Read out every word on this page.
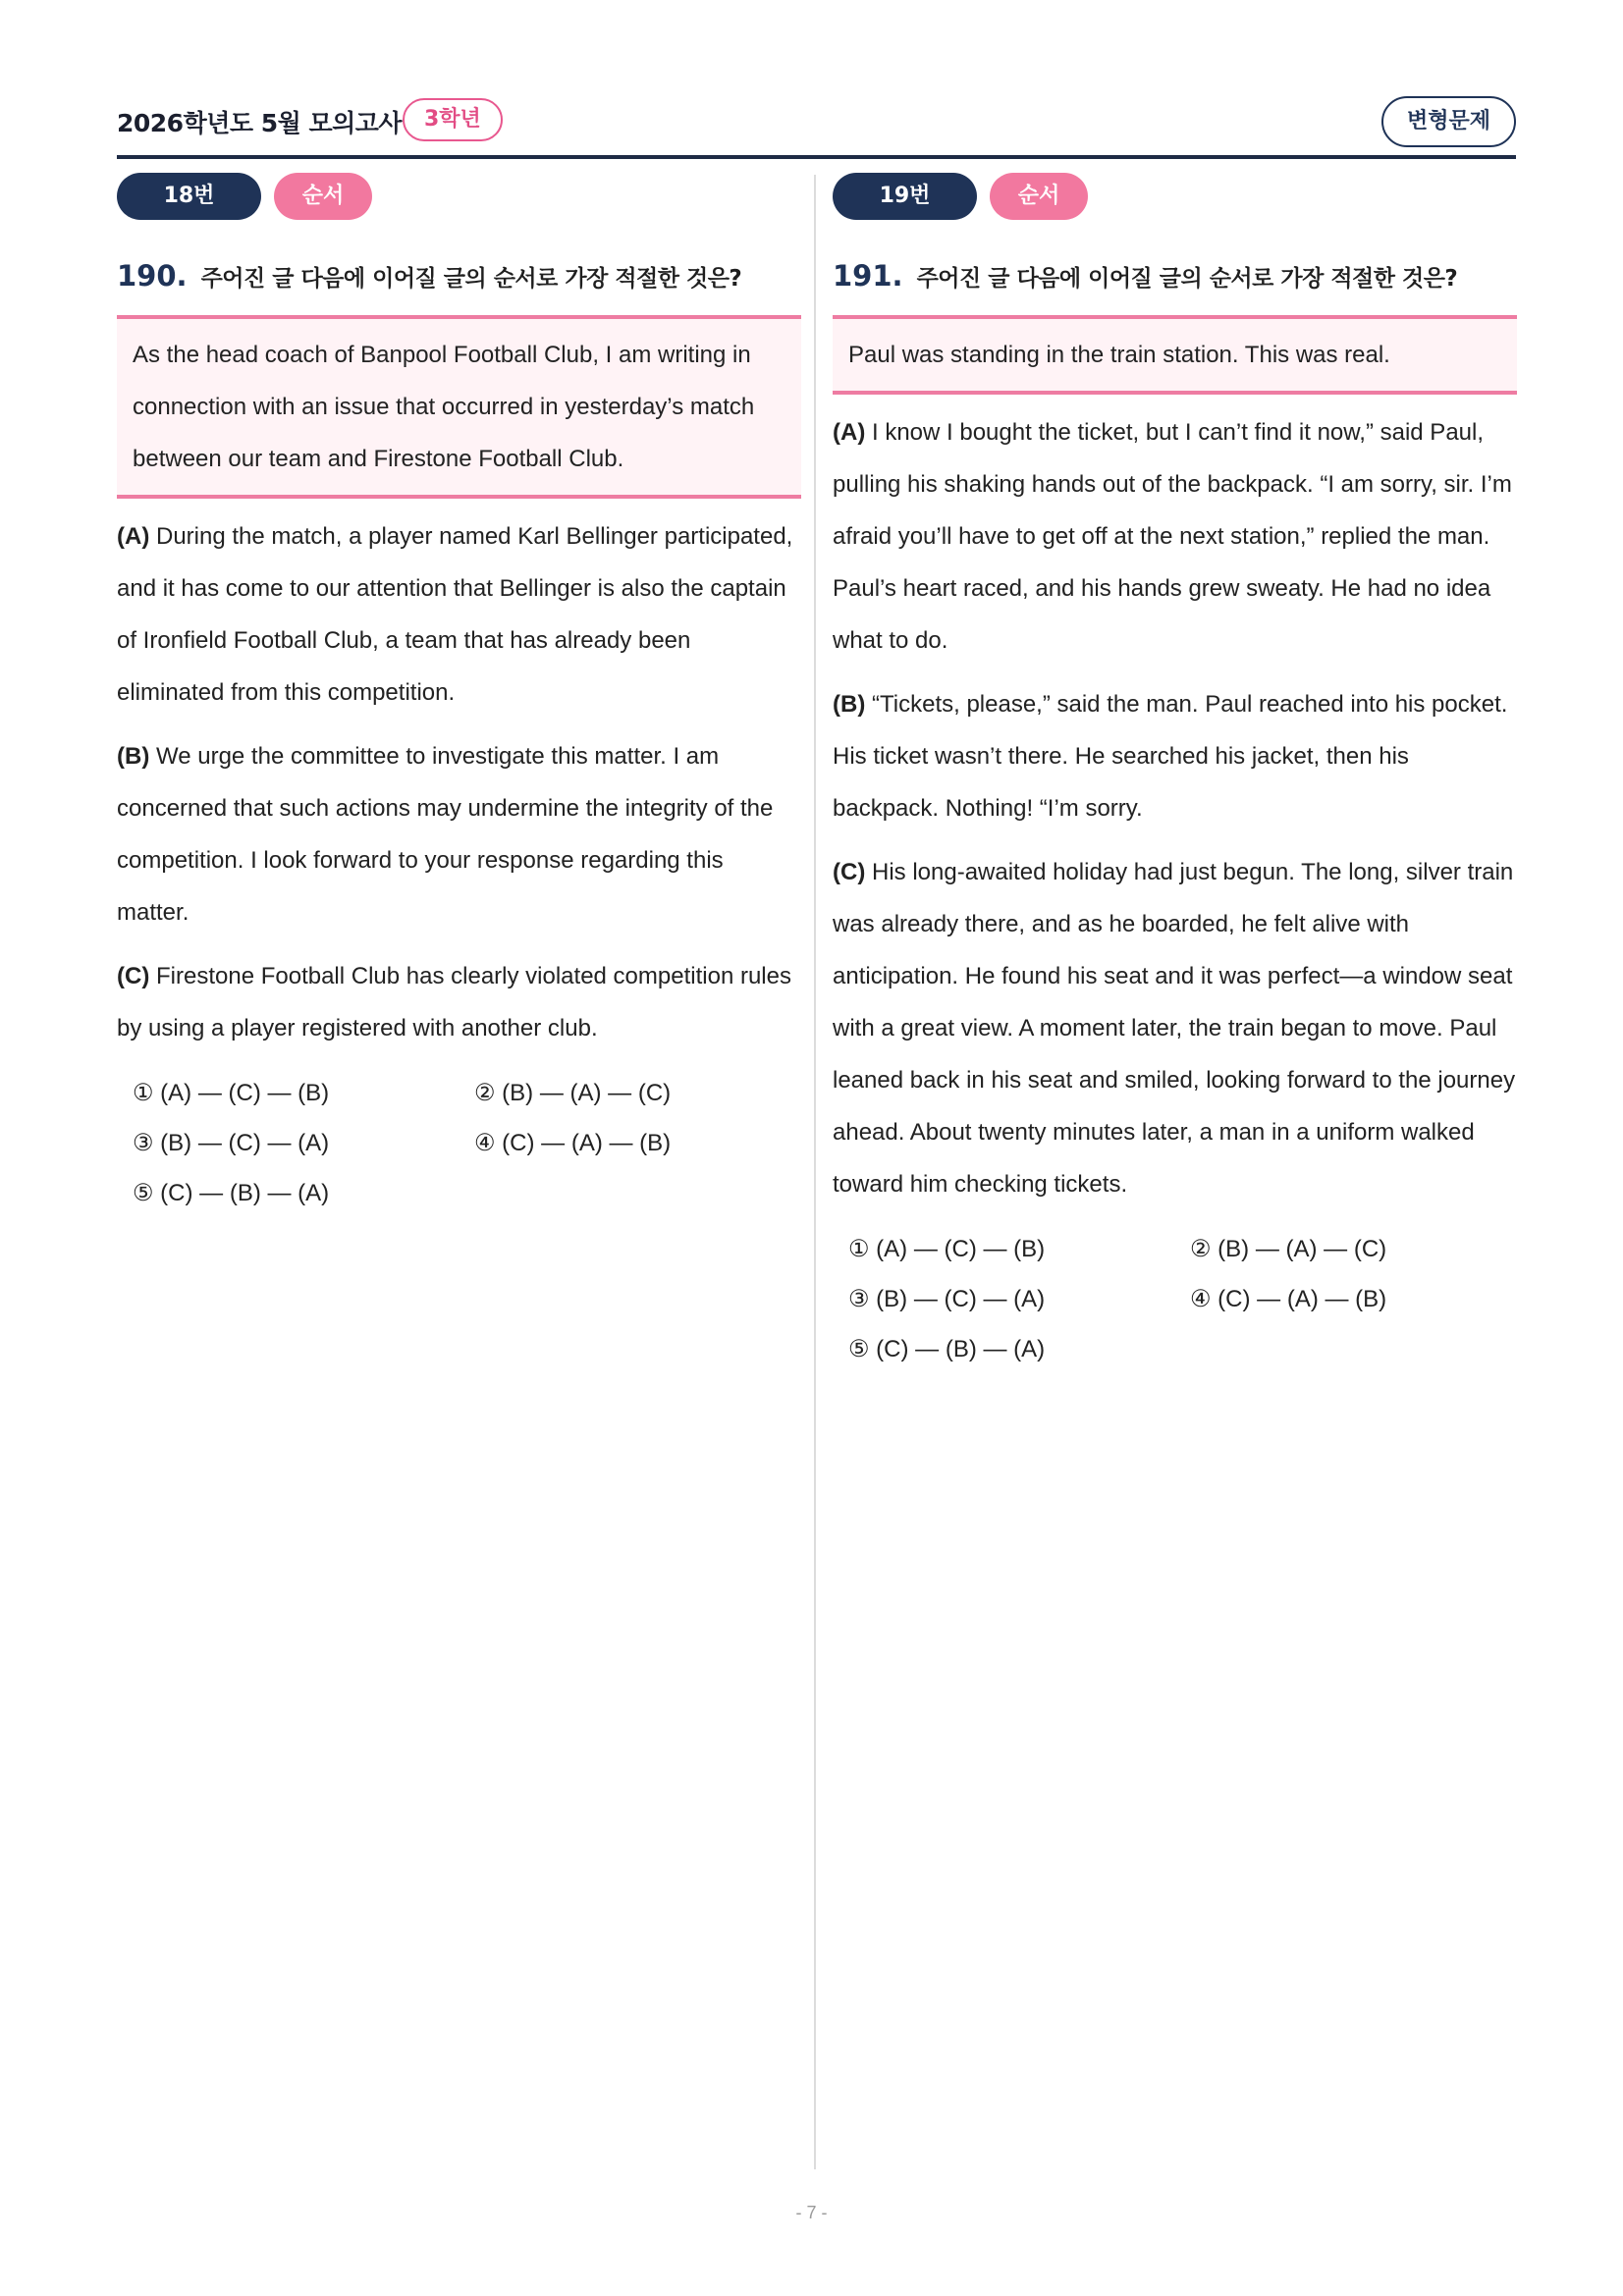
2026학년도 5월 모의고사	3학년	변형문제
18번	순서
190. 주어진 글 다음에 이어질 글의 순서로 가장 적절한 것은?
As the head coach of Banpool Football Club, I am writing in connection with an issue that occurred in yesterday’s match between our team and Firestone Football Club.
(A) During the match, a player named Karl Bellinger participated, and it has come to our attention that Bellinger is also the captain of Ironfield Football Club, a team that has already been eliminated from this competition.
(B) We urge the committee to investigate this matter. I am concerned that such actions may undermine the integrity of the competition. I look forward to your response regarding this matter.
(C) Firestone Football Club has clearly violated competition rules by using a player registered with another club.
① (A) — (C) — (B)	② (B) — (A) — (C)
③ (B) — (C) — (A)	④ (C) — (A) — (B)
⑤ (C) — (B) — (A)
19번	순서
191. 주어진 글 다음에 이어질 글의 순서로 가장 적절한 것은?
Paul was standing in the train station. This was real.
(A) I know I bought the ticket, but I can’t find it now,” said Paul, pulling his shaking hands out of the backpack. “I am sorry, sir. I’m afraid you’ll have to get off at the next station,” replied the man. Paul’s heart raced, and his hands grew sweaty. He had no idea what to do.
(B) “Tickets, please,” said the man. Paul reached into his pocket. His ticket wasn’t there. He searched his jacket, then his backpack. Nothing! “I’m sorry.
(C) His long-awaited holiday had just begun. The long, silver train was already there, and as he boarded, he felt alive with anticipation. He found his seat and it was perfect—a window seat with a great view. A moment later, the train began to move. Paul leaned back in his seat and smiled, looking forward to the journey ahead. About twenty minutes later, a man in a uniform walked toward him checking tickets.
① (A) — (C) — (B)	② (B) — (A) — (C)
③ (B) — (C) — (A)	④ (C) — (A) — (B)
⑤ (C) — (B) — (A)
- 7 -
